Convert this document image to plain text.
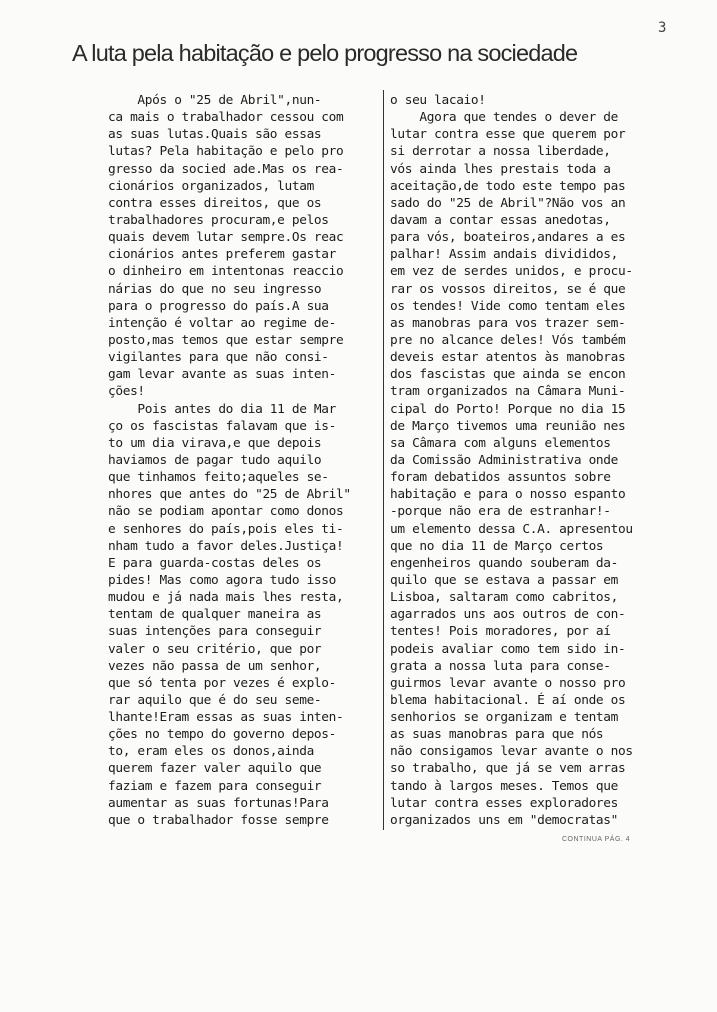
3
A luta pela habitação e pelo progresso na sociedade
Após o "25 de Abril",nun-
ca mais o trabalhador cessou com
as suas lutas.Quais são essas
lutas? Pela habitação e pelo pro
gresso da socied ade.Mas os rea-
cionários organizados, lutam
contra esses direitos, que os
trabalhadores procuram,e pelos
quais devem lutar sempre.Os reac
cionários antes preferem gastar
o dinheiro em intentonas reaccio
nárias do que no seu ingresso
para o progresso do país.A sua
intenção é voltar ao regime de-
posto,mas temos que estar sempre
vigilantes para que não consi-
gam levar avante as suas inten-
ções!
Pois antes do dia 11 de Mar
ço os fascistas falavam que is-
to um dia virava,e que depois
haviamos de pagar tudo aquilo
que tinhamos feito;aqueles se-
nhores que antes do "25 de Abril"
não se podiam apontar como donos
e senhores do país,pois eles ti-
nham tudo a favor deles.Justiça!
E para guarda-costas deles os
pides! Mas como agora tudo isso
mudou e já nada mais lhes resta,
tentam de qualquer maneira as
suas intenções para conseguir
valer o seu critério, que por
vezes não passa de um senhor,
que só tenta por vezes é explo-
rar aquilo que é do seu seme-
lhante!Eram essas as suas inten-
ções no tempo do governo depos-
to, eram eles os donos,ainda
querem fazer valer aquilo que
faziam e fazem para conseguir
aumentar as suas fortunas!Para
que o trabalhador fosse sempre
o seu lacaio!
Agora que tendes o dever de
lutar contra esse que querem por
si derrotar a nossa liberdade,
vós ainda lhes prestais toda a
aceitação,de todo este tempo pas
sado do "25 de Abril"?Não vos an
davam a contar essas anedotas,
para vós, boateiros,andares a es
palhar! Assim andais divididos,
em vez de serdes unidos, e procu-
rar os vossos direitos, se é que
os tendes! Vide como tentam eles
as manobras para vos trazer sem-
pre no alcance deles! Vós também
deveis estar atentos às manobras
dos fascistas que ainda se encon
tram organizados na Câmara Muni-
cipal do Porto! Porque no dia 15
de Março tivemos uma reunião nes
sa Câmara com alguns elementos
da Comissão Administrativa onde
foram debatidos assuntos sobre
habitação e para o nosso espanto
-porque não era de estranhar!-
um elemento dessa C.A. apresentou
que no dia 11 de Março certos
engenheiros quando souberam da-
quilo que se estava a passar em
Lisboa, saltaram como cabritos,
agarrados uns aos outros de con-
tentes! Pois moradores, por aí
podeis avaliar como tem sido in-
grata a nossa luta para conse-
guirmos levar avante o nosso pro
blema habitacional. É aí onde os
senhorios se organizam e tentam
as suas manobras para que nós
não consigamos levar avante o nos
so trabalho, que já se vem arras
tando à largos meses. Temos que
lutar contra esses exploradores
organizados uns em "democratas"
CONTINUA PÁG. 4
